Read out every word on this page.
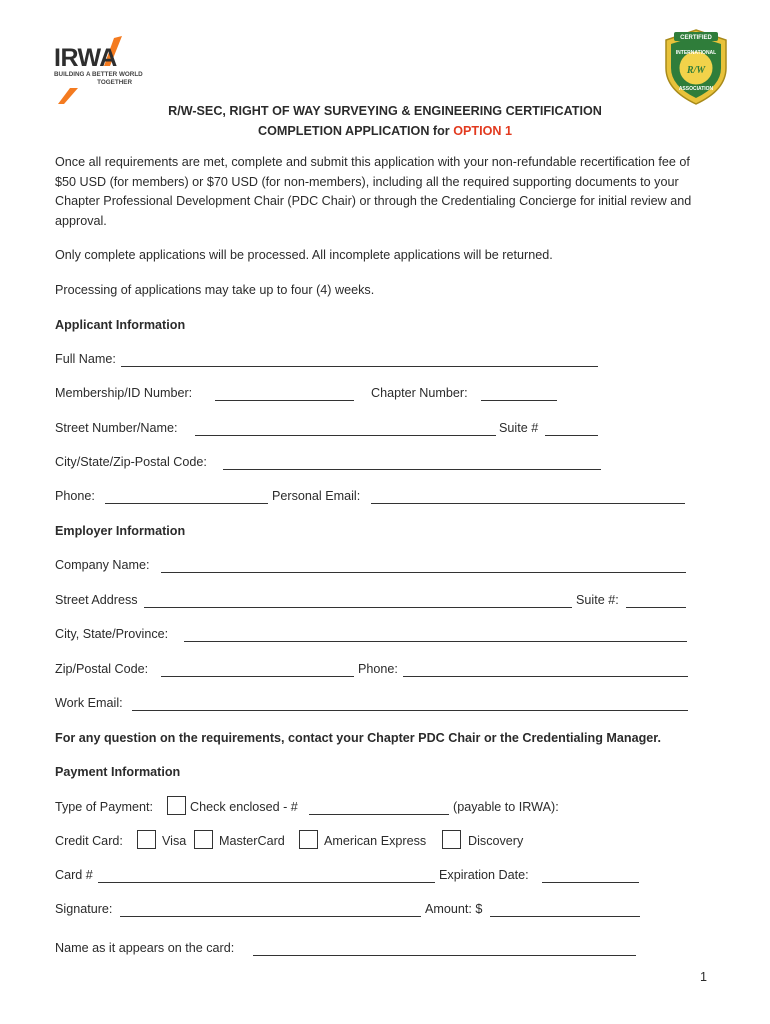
IRWA
BUILDING A BETTER WORLD
TOGETHER
CERTIFIED
INTERNATIONAL
R/W
ASSOCIATION
R/W-SEC, RIGHT OF WAY SURVEYING & ENGINEERING CERTIFICATION
COMPLETION APPLICATION for OPTION 1
Once all requirements are met, complete and submit this application with your non-refundable recertification fee of $50 USD (for members) or $70 USD (for non-members), including all the required supporting documents to your Chapter Professional Development Chair (PDC Chair) or through the Credentialing Concierge for initial review and approval.
Only complete applications will be processed. All incomplete applications will be returned.
Processing of applications may take up to four (4) weeks.
Applicant Information
Full Name:
Membership/ID Number:	Chapter Number:
Street Number/Name:	Suite #
City/State/Zip-Postal Code:
Phone:	Personal Email:
Employer Information
Company Name:
Street Address	Suite #:
City, State/Province:
Zip/Postal Code:	Phone:
Work Email:
For any question on the requirements, contact your Chapter PDC Chair or the Credentialing Manager.
Payment Information
Type of Payment:	Check enclosed - #	(payable to IRWA):
Credit Card:	Visa	MasterCard	American Express	Discovery
Card #	Expiration Date:
Signature:	Amount: $
Name as it appears on the card:
1
